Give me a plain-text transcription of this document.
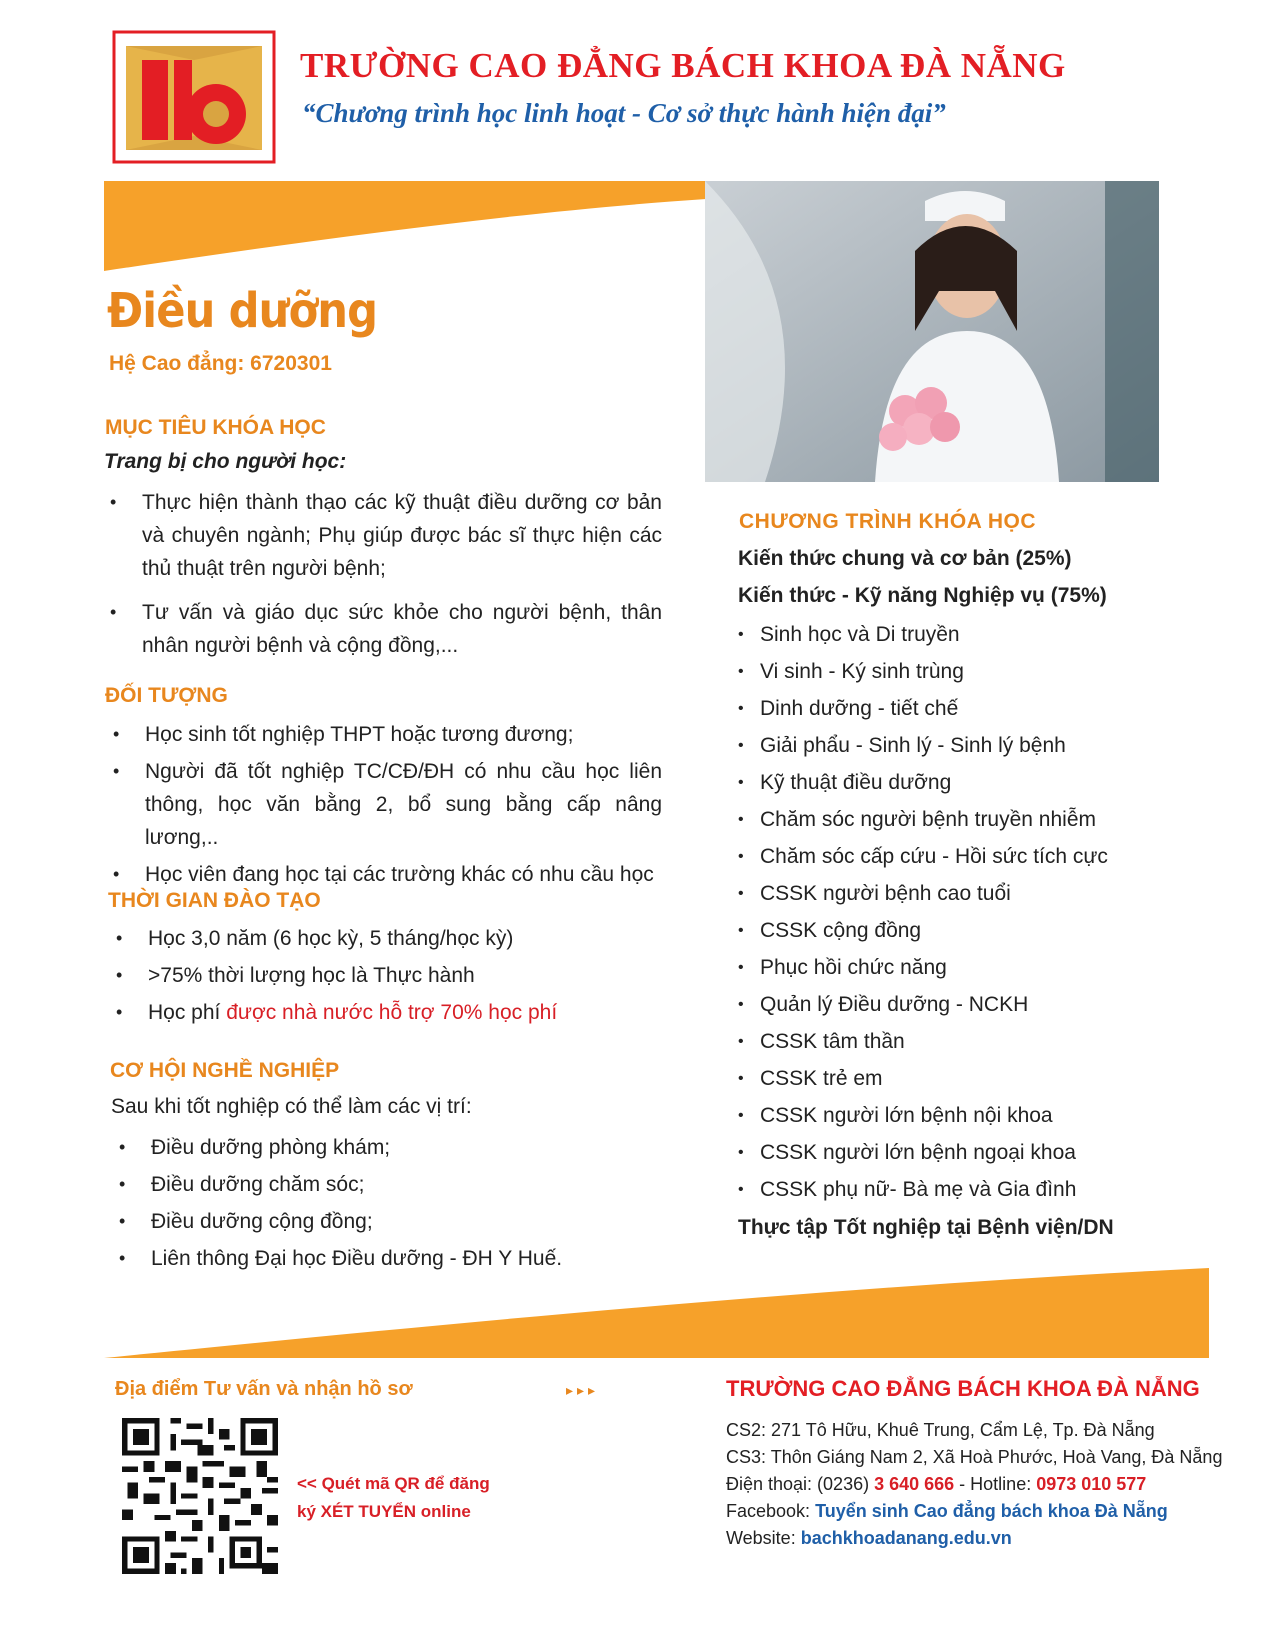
TRƯỜNG CAO ĐẲNG BÁCH KHOA ĐÀ NẴNG
“Chương trình học linh hoạt - Cơ sở thực hành hiện đại”
Điều dưỡng
Hệ Cao đẳng: 6720301
MỤC TIÊU KHÓA HỌC
Trang bị cho người học:
• Thực hiện thành thạo các kỹ thuật điều dưỡng cơ bản và chuyên ngành; Phụ giúp được bác sĩ thực hiện các thủ thuật trên người bệnh;
• Tư vấn và giáo dục sức khỏe cho người bệnh, thân nhân người bệnh và cộng đồng,...
ĐỐI TƯỢNG
• Học sinh tốt nghiệp THPT hoặc tương đương;
• Người đã tốt nghiệp TC/CĐ/ĐH có nhu cầu học liên thông, học văn bằng 2, bổ sung bằng cấp nâng lương,..
• Học viên đang học tại các trường khác có nhu cầu học
THỜI GIAN ĐÀO TẠO
• Học 3,0 năm (6 học kỳ, 5 tháng/học kỳ)
• >75% thời lượng học là Thực hành
• Học phí được nhà nước hỗ trợ 70% học phí
CƠ HỘI NGHỀ NGHIỆP
Sau khi tốt nghiệp có thể làm các vị trí:
• Điều dưỡng phòng khám;
• Điều dưỡng chăm sóc;
• Điều dưỡng cộng đồng;
• Liên thông Đại học Điều dưỡng - ĐH Y Huế.
CHƯƠNG TRÌNH KHÓA HỌC
Kiến thức chung và cơ bản (25%)
Kiến thức - Kỹ năng Nghiệp vụ (75%)
• Sinh học và Di truyền
• Vi sinh - Ký sinh trùng
• Dinh dưỡng - tiết chế
• Giải phẩu - Sinh lý - Sinh lý bệnh
• Kỹ thuật điều dưỡng
• Chăm sóc người bệnh truyền nhiễm
• Chăm sóc cấp cứu - Hồi sức tích cực
• CSSK người bệnh cao tuổi
• CSSK cộng đồng
• Phục hồi chức năng
• Quản lý Điều dưỡng - NCKH
• CSSK tâm thần
• CSSK trẻ em
• CSSK người lớn bệnh nội khoa
• CSSK người lớn bệnh ngoại khoa
• CSSK phụ nữ- Bà mẹ và Gia đình
Thực tập Tốt nghiệp tại Bệnh viện/DN
Địa điểm Tư vấn và nhận hồ sơ	▸▸▸
<< Quét mã QR để đăng
ký XÉT TUYỂN online
TRƯỜNG CAO ĐẲNG BÁCH KHOA ĐÀ NẴNG
CS2: 271 Tô Hữu, Khuê Trung, Cẩm Lệ, Tp. Đà Nẵng
CS3: Thôn Giáng Nam 2, Xã Hoà Phước, Hoà Vang, Đà Nẵng
Điện thoại: (0236) 3 640 666 - Hotline: 0973 010 577
Facebook: Tuyển sinh Cao đẳng bách khoa Đà Nẵng
Website: bachkhoadanang.edu.vn
